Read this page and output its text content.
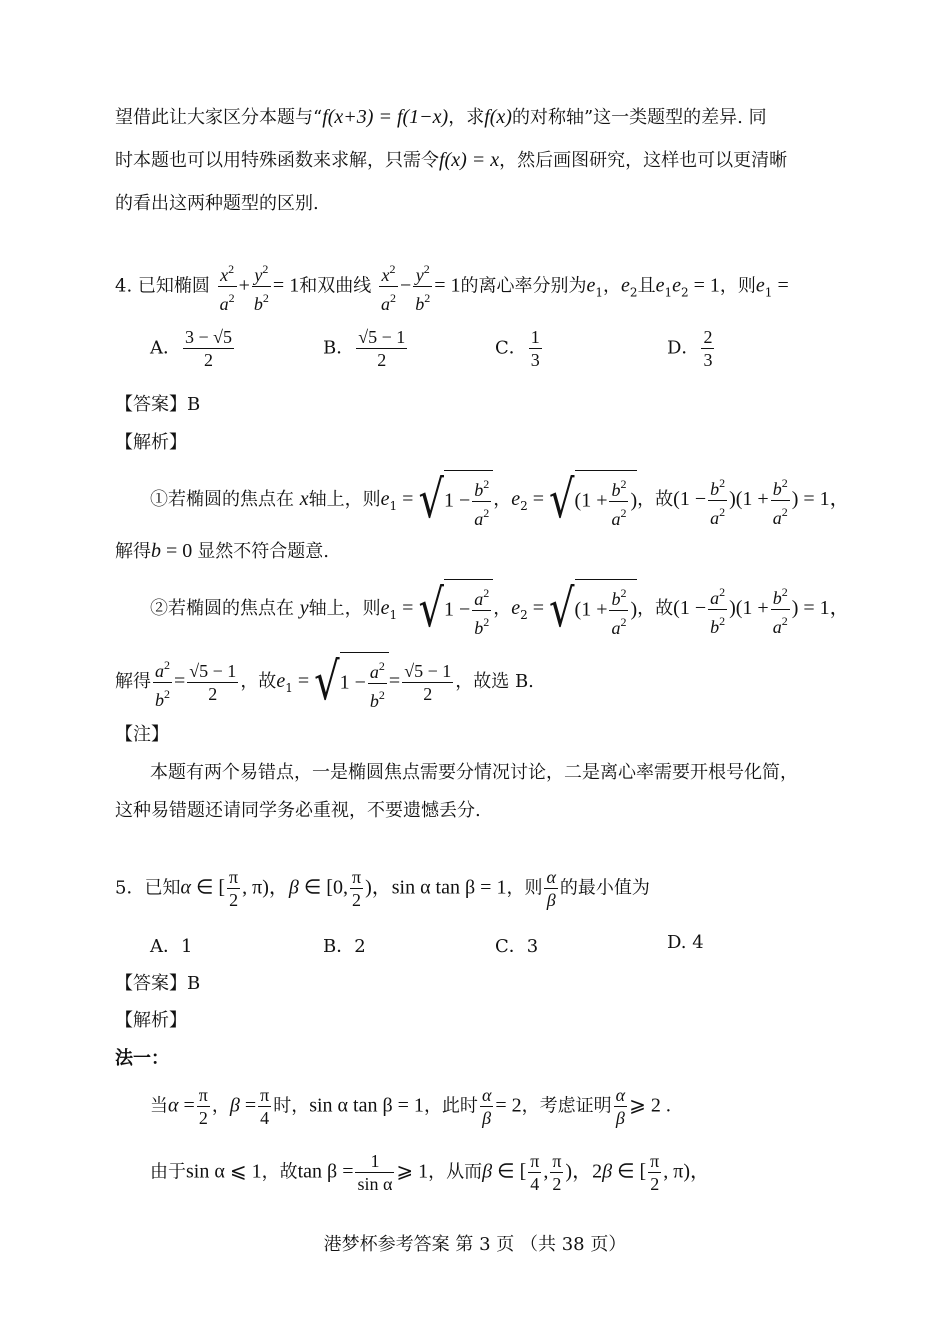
望借此让大家区分本题与“f(x+3) = f(1−x)，求f(x)的对称轴”这一类题型的差异. 同
时本题也可以用特殊函数来求解，只需令f(x) = x，然后画图研究，这样也可以更清晰
的看出这两种题型的区别.
4. 已知椭圆 $\frac{x^2}{a^2} + \frac{y^2}{b^2} = 1$和双曲线 $\frac{x^2}{a^2} - \frac{y^2}{b^2} = 1$的离心率分别为$e_1$，$e_2$且$e_1e_2 = 1$，则$e_1$ =
A． $\frac{3 - √5}{2}$	B． $\frac{√5 - 1}{2}$	C． $\frac{1}{3}$	D． $\frac{2}{3}$
【答案】B
【解析】
①若椭圆的焦点在 x轴上，则$e_1 = √1 - \frac{b^2}{a^2}$ ，$e_2 = √(1 + \frac{b^2}{a^2}$ )，故$(1 - \frac{b^2}{a^2} )(1 + \frac{b^2}{a^2}$ ) = 1，
解得b = 0 显然不符合题意.
②若椭圆的焦点在 y轴上，则$e_1 = √1 - \frac{a^2}{b^2}$ ，$e_2 = √(1 + \frac{b^2}{a^2}$ )，故$(1 - \frac{a^2}{b^2} )(1 + \frac{b^2}{a^2}$ ) = 1，
解得 $\frac{a^2}{b^2} = \frac{√5 - 1}{2}$ ，故$e_1 = √1 - \frac{a^2}{b^2} = \frac{√5 - 1}{2}$ ，故选 B.
【注】
本题有两个易错点，一是椭圆焦点需要分情况讨论，二是离心率需要开根号化简，
这种易错题还请同学务必重视，不要遗憾丢分.
5．已知α ∈ [ $\frac{\pi}{2}$ , π)，β ∈ [0, $\frac{\pi}{2}$ )，sin α tan β = 1，则 $\frac{\alpha}{\beta}$ 的最小值为
A．1	B．2	C．3	D. 4
【答案】B
【解析】
法一：
当$\alpha = \frac{\pi}{2}$ ，$\beta = \frac{\pi}{4}$ 时，sin α tan β = 1，此时 $\frac{\alpha}{\beta} = 2$，考虑证明 $\frac{\alpha}{\beta}$ ⩾ 2 .
由于sin α ⩽ 1，故$\tan \beta = \frac{1}{\text{sin α}}$ ⩾ 1，从而β ∈ [ $\frac{\pi}{4}$ , $\frac{\pi}{2}$ )，2β ∈ [ $\frac{\pi}{2}$ , π)，
港梦杯参考答案 第 3 页 （共 38 页）
